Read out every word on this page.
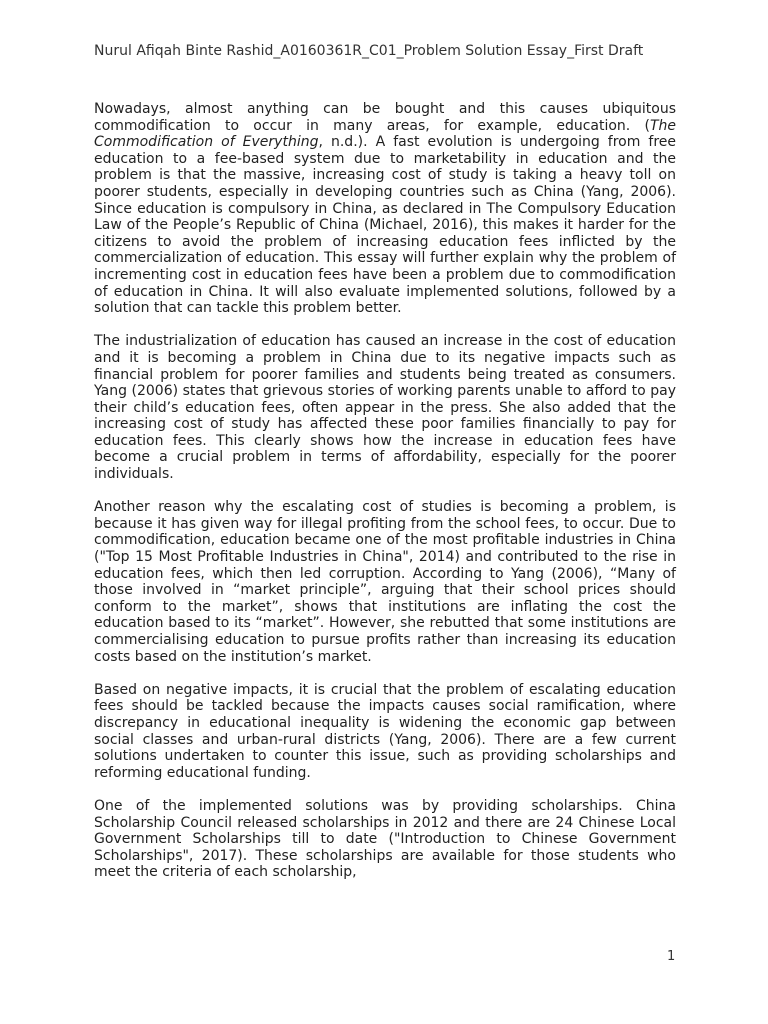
Nurul Afiqah Binte Rashid_A0160361R_C01_Problem Solution Essay_First Draft

Nowadays, almost anything can be bought and this causes ubiquitous commodification to occur in many areas, for example, education. (The Commodification of Everything, n.d.). A fast evolution is undergoing from free education to a fee-based system due to marketability in education and the problem is that the massive, increasing cost of study is taking a heavy toll on poorer students, especially in developing countries such as China (Yang, 2006). Since education is compulsory in China, as declared in The Compulsory Education Law of the People’s Republic of China (Michael, 2016), this makes it harder for the citizens to avoid the problem of increasing education fees inflicted by the commercialization of education. This essay will further explain why the problem of incrementing cost in education fees have been a problem due to commodification of education in China. It will also evaluate implemented solutions, followed by a solution that can tackle this problem better.

The industrialization of education has caused an increase in the cost of education and it is becoming a problem in China due to its negative impacts such as financial problem for poorer families and students being treated as consumers. Yang (2006) states that grievous stories of working parents unable to afford to pay their child’s education fees, often appear in the press. She also added that the increasing cost of study has affected these poor families financially to pay for education fees. This clearly shows how the increase in education fees have become a crucial problem in terms of affordability, especially for the poorer individuals.

Another reason why the escalating cost of studies is becoming a problem, is because it has given way for illegal profiting from the school fees, to occur. Due to commodification, education became one of the most profitable industries in China ("Top 15 Most Profitable Industries in China", 2014) and contributed to the rise in education fees, which then led corruption. According to Yang (2006), “Many of those involved in “market principle”, arguing that their school prices should conform to the market”, shows that institutions are inflating the cost the education based to its “market”. However, she rebutted that some institutions are commercialising education to pursue profits rather than increasing its education costs based on the institution’s market.

Based on negative impacts, it is crucial that the problem of escalating education fees should be tackled because the impacts causes social ramification, where discrepancy in educational inequality is widening the economic gap between social classes and urban-rural districts (Yang, 2006). There are a few current solutions undertaken to counter this issue, such as providing scholarships and reforming educational funding.

One of the implemented solutions was by providing scholarships. China Scholarship Council released scholarships in 2012 and there are 24 Chinese Local Government Scholarships till to date ("Introduction to Chinese Government Scholarships", 2017). These scholarships are available for those students who meet the criteria of each scholarship,

1
